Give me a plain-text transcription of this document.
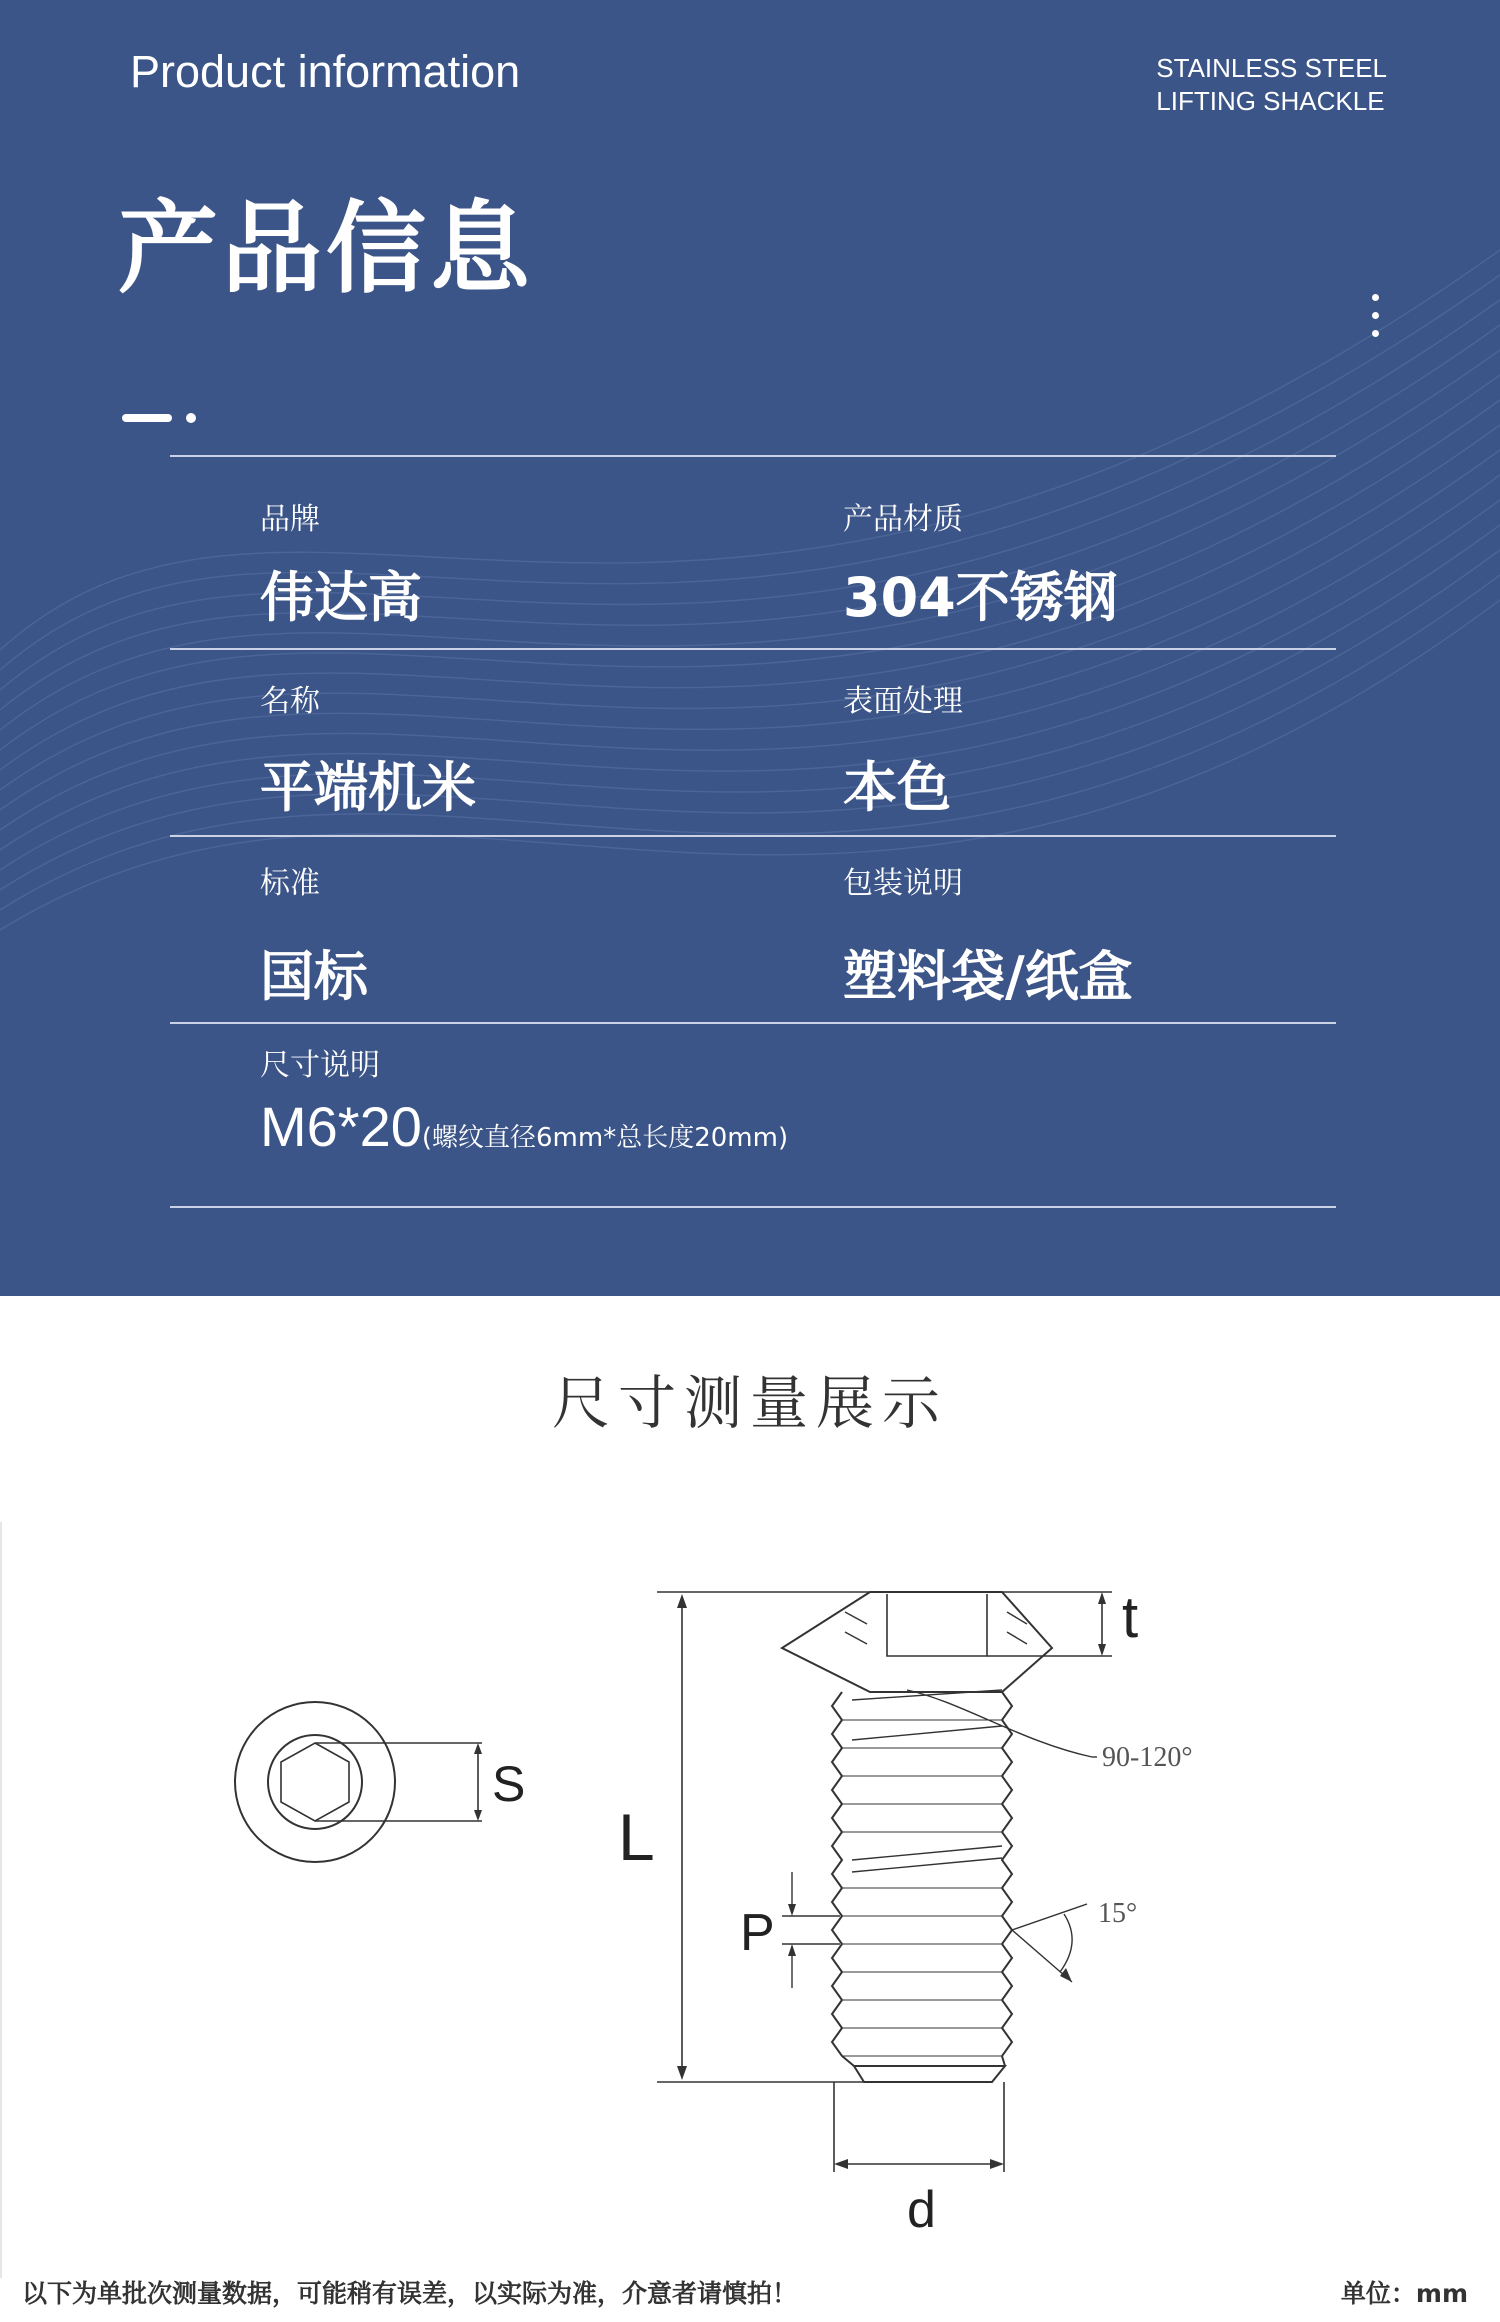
Product information	STAINLESS STEEL
LIFTING SHACKLE
产品信息
品牌
伟达高
产品材质
304不锈钢
名称
平端机米
表面处理
本色
标准
国标
包装说明
塑料袋/纸盒
尺寸说明
M6*20(螺纹直径6mm*总长度20mm)
尺寸测量展示
S
L
t
90-120°
P	15°
d
以下为单批次测量数据，可能稍有误差，以实际为准，介意者请慎拍！	单位：mm
